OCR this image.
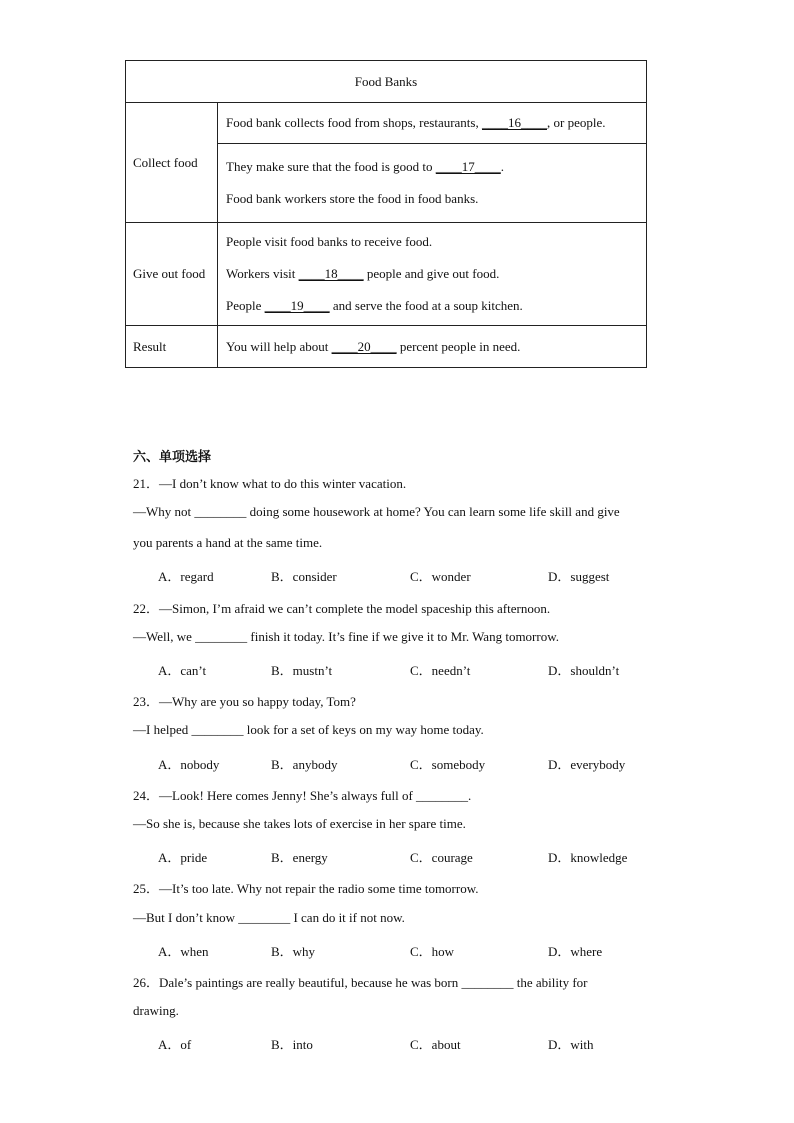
Food Banks	
Collect food	Food bank collects food from shops, restaurants, ____16____, or people.

	They make sure that the food is good to ____17____.
Food bank workers store the food in food banks.

Give out food	People visit food banks to receive food.
Workers visit ____18____ people and give out food.
People ____19____ and serve the food at a soup kitchen.

Result	You will help about ____20____ percent people in need.
六、单项选择
21．—I don’t know what to do this winter vacation.
—Why not ________ doing some housework at home? You can learn some life skill and give
you parents a hand at the same time.
A．regard	B．consider	C．wonder	D．suggest
22．—Simon, I’m afraid we can’t complete the model spaceship this afternoon.
—Well, we ________ finish it today. It’s fine if we give it to Mr. Wang tomorrow.
A．can’t	B．mustn’t	C．needn’t	D．shouldn’t
23．—Why are you so happy today, Tom?
—I helped ________ look for a set of keys on my way home today.
A．nobody	B．anybody	C．somebody	D．everybody
24．—Look! Here comes Jenny! She’s always full of ________.
—So she is, because she takes lots of exercise in her spare time.
A．pride	B．energy	C．courage	D．knowledge
25．—It’s too late. Why not repair the radio some time tomorrow.
—But I don’t know ________ I can do it if not now.
A．when	B．why	C．how	D．where
26．Dale’s paintings are really beautiful, because he was born ________ the ability for
drawing.
A．of	B．into	C．about	D．with
